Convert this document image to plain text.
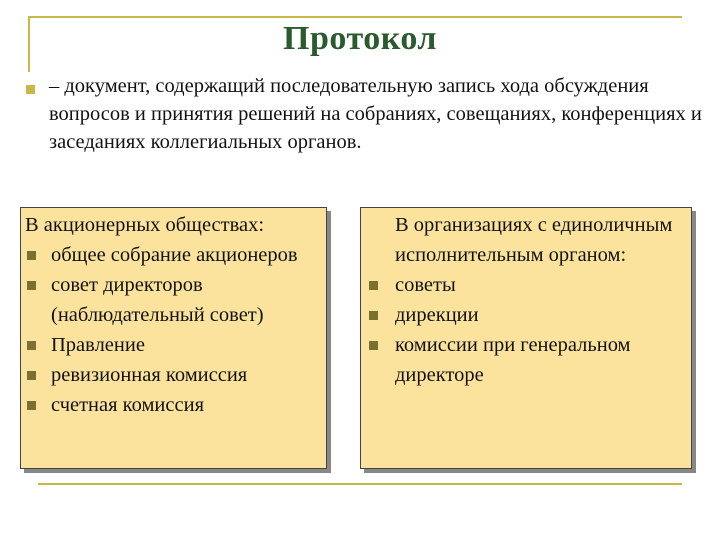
Протокол
– документ, содержащий последовательную запись хода обсуждения вопросов и принятия решений на собраниях, совещаниях, конференциях и заседаниях коллегиальных органов.
В акционерных обществах:
общее собрание акционеров
совет директоров (наблюдательный совет)
Правление
ревизионная комиссия
счетная комиссия
В организациях с единоличным исполнительным органом:
советы
дирекции
комиссии при генеральном директоре
